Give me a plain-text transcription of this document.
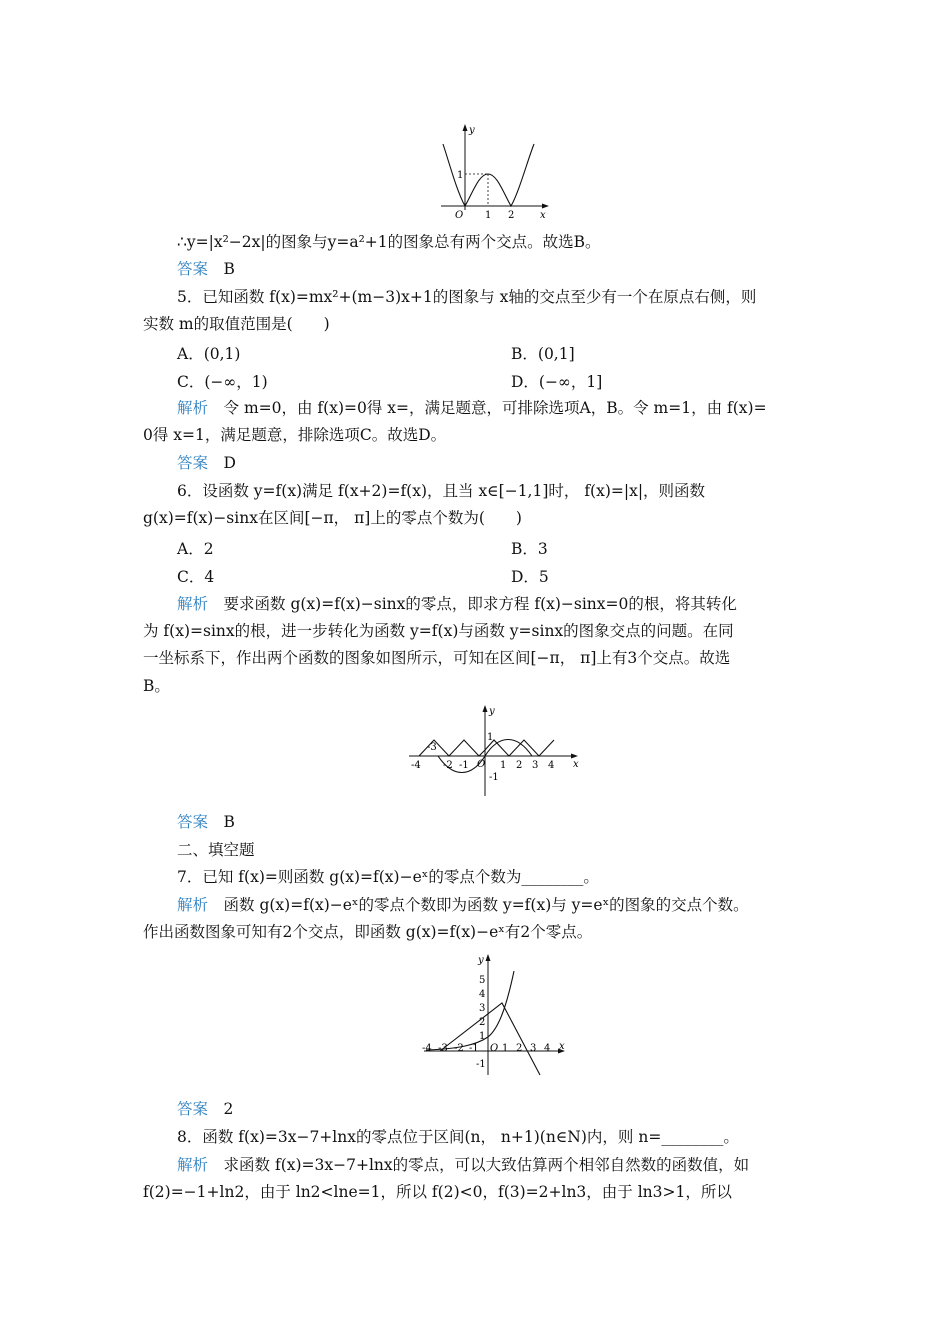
y
1
O 1 2	x
∴y=|x²−2x|的图象与y=a²+1的图象总有两个交点。故选B。
答案　 B
5．已知函数 f(x)=mx²+(m−3)x+1的图象与 x轴的交点至少有一个在原点右侧，则
实数 m的取值范围是(　　)
A．(0,1)	B．(0,1]
C．(−∞，1)	D．(−∞，1]
解析　 令 m=0，由 f(x)=0得 x=，满足题意，可排除选项A，B。令 m=1，由 f(x)=
0得 x=1，满足题意，排除选项C。故选D。
答案　 D
6．设函数 y=f(x)满足 f(x+2)=f(x)，且当 x∈[−1,1]时， f(x)=|x|，则函数
g(x)=f(x)−sinx在区间[−π， π]上的零点个数为(　　)
A．2	B．3
C．4	D．5
解析　 要求函数 g(x)=f(x)−sinx的零点，即求方程 f(x)−sinx=0的根，将其转化
为 f(x)=sinx的根，进一步转化为函数 y=f(x)与函数 y=sinx的图象交点的问题。在同
一坐标系下，作出两个函数的图象如图所示，可知在区间[−π， π]上有3个交点。故选
B。
y
1
-3
O
-4 -2 -1	1 2 3 4 x
-1
答案　 B
二、填空题
7．已知 f(x)=则函数 g(x)=f(x)−eˣ的零点个数为________。
解析　 函数 g(x)=f(x)−eˣ的零点个数即为函数 y=f(x)与 y=eˣ的图象的交点个数。
作出函数图象可知有2个交点，即函数 g(x)=f(x)−eˣ有2个零点。
y
5
4
3
2
1
-4 -3 -2 -1 O 1 2 3 4 x
-1
答案　 2
8．函数 f(x)=3x−7+lnx的零点位于区间(n， n+1)(n∈N)内，则 n=________。
解析　 求函数 f(x)=3x−7+lnx的零点，可以大致估算两个相邻自然数的函数值，如
f(2)=−1+ln2，由于 ln2<lne=1，所以 f(2)<0，f(3)=2+ln3，由于 ln3>1，所以
